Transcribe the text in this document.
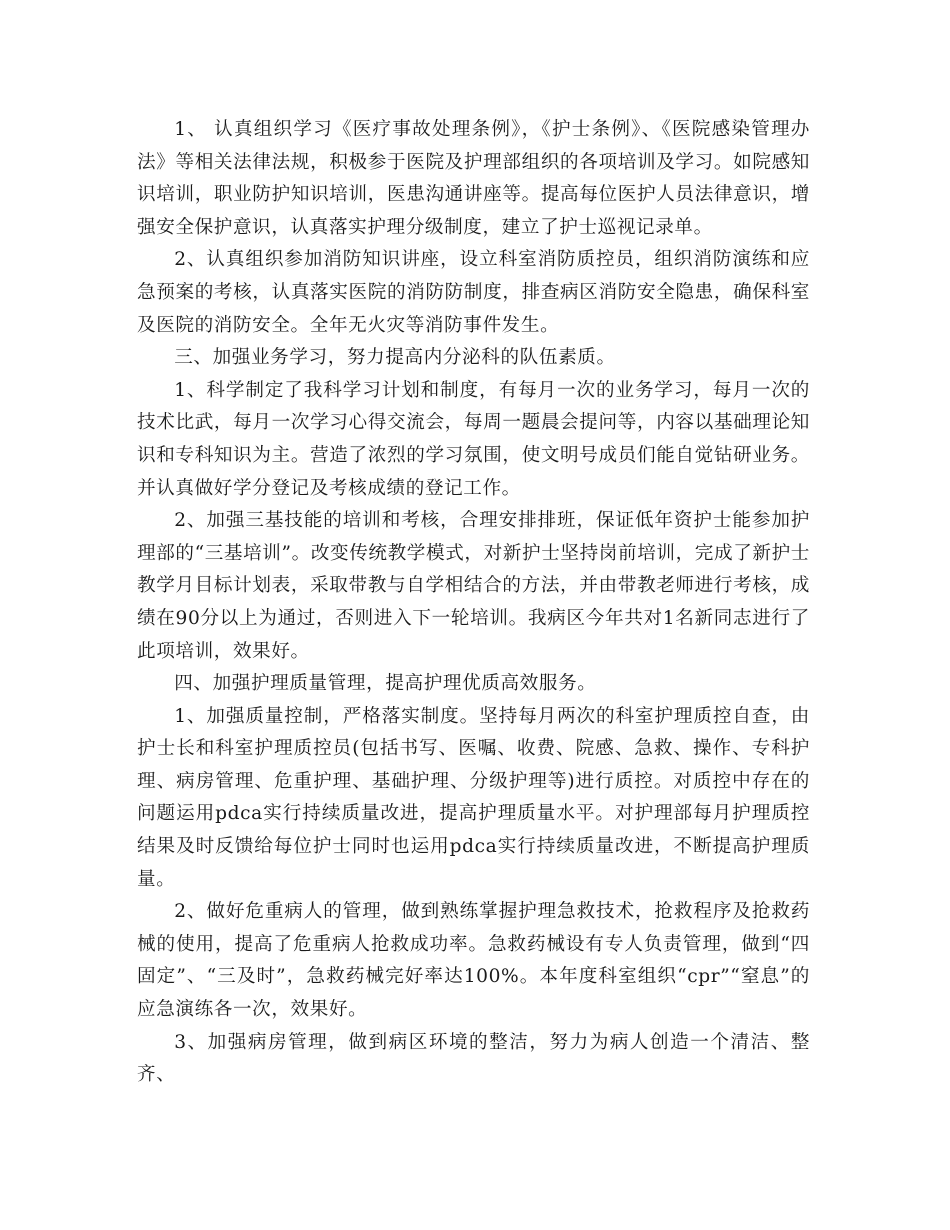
1、 认真组织学习《医疗事故处理条例》，《护士条例》、《医院感染管理办法》等相关法律法规，积极参于医院及护理部组织的各项培训及学习。如院感知识培训，职业防护知识培训，医患沟通讲座等。提高每位医护人员法律意识，增强安全保护意识，认真落实护理分级制度，建立了护士巡视记录单。

2、认真组织参加消防知识讲座，设立科室消防质控员，组织消防演练和应急预案的考核，认真落实医院的消防防制度，排查病区消防安全隐患，确保科室及医院的消防安全。全年无火灾等消防事件发生。

三、加强业务学习，努力提高内分泌科的队伍素质。

1、科学制定了我科学习计划和制度，有每月一次的业务学习，每月一次的技术比武，每月一次学习心得交流会，每周一题晨会提问等，内容以基础理论知识和专科知识为主。营造了浓烈的学习氛围，使文明号成员们能自觉钻研业务。并认真做好学分登记及考核成绩的登记工作。

2、加强三基技能的培训和考核，合理安排排班，保证低年资护士能参加护理部的“三基培训”。改变传统教学模式，对新护士坚持岗前培训，完成了新护士教学月目标计划表，采取带教与自学相结合的方法，并由带教老师进行考核，成绩在90分以上为通过，否则进入下一轮培训。我病区今年共对1名新同志进行了此项培训，效果好。

四、加强护理质量管理，提高护理优质高效服务。

1、加强质量控制，严格落实制度。坚持每月两次的科室护理质控自查，由护士长和科室护理质控员(包括书写、医嘱、收费、院感、急救、操作、专科护理、病房管理、危重护理、基础护理、分级护理等)进行质控。对质控中存在的问题运用pdca实行持续质量改进，提高护理质量水平。对护理部每月护理质控结果及时反馈给每位护士同时也运用pdca实行持续质量改进，不断提高护理质量。

2、做好危重病人的管理，做到熟练掌握护理急救技术，抢救程序及抢救药械的使用，提高了危重病人抢救成功率。急救药械设有专人负责管理，做到“四固定”、“三及时”，急救药械完好率达100%。本年度科室组织“cpr”“窒息”的应急演练各一次，效果好。

3、加强病房管理，做到病区环境的整洁，努力为病人创造一个清洁、整齐、
